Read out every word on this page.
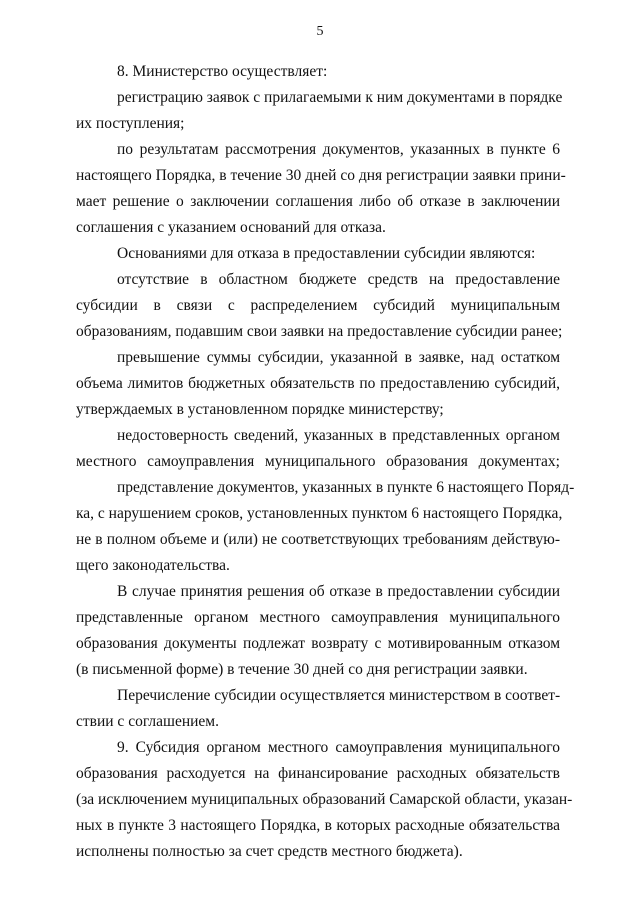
5
8. Министерство осуществляет:
регистрацию заявок с прилагаемыми к ним документами в порядке
их поступления;
по результатам рассмотрения документов, указанных в пункте 6
настоящего Порядка, в течение 30 дней со дня регистрации заявки прини-
мает решение о заключении соглашения либо об отказе в заключении
соглашения с указанием оснований для отказа.
Основаниями для отказа в предоставлении субсидии являются:
отсутствие в областном бюджете средств на предоставление
субсидии в связи с распределением субсидий муниципальным
образованиям, подавшим свои заявки на предоставление субсидии ранее;
превышение суммы субсидии, указанной в заявке, над остатком
объема лимитов бюджетных обязательств по предоставлению субсидий,
утверждаемых в установленном порядке министерству;
недостоверность сведений, указанных в представленных органом
местного самоуправления муниципального образования документах;
представление документов, указанных в пункте 6 настоящего Поряд-
ка, с нарушением сроков, установленных пунктом 6 настоящего Порядка,
не в полном объеме и (или) не соответствующих требованиям действую-
щего законодательства.
В случае принятия решения об отказе в предоставлении субсидии
представленные органом местного самоуправления муниципального
образования документы подлежат возврату с мотивированным отказом
(в письменной форме) в течение 30 дней со дня регистрации заявки.
Перечисление субсидии осуществляется министерством в соответ-
ствии с соглашением.
9. Субсидия органом местного самоуправления муниципального
образования расходуется на финансирование расходных обязательств
(за исключением муниципальных образований Самарской области, указан-
ных в пункте 3 настоящего Порядка, в которых расходные обязательства
исполнены полностью за счет средств местного бюджета).
